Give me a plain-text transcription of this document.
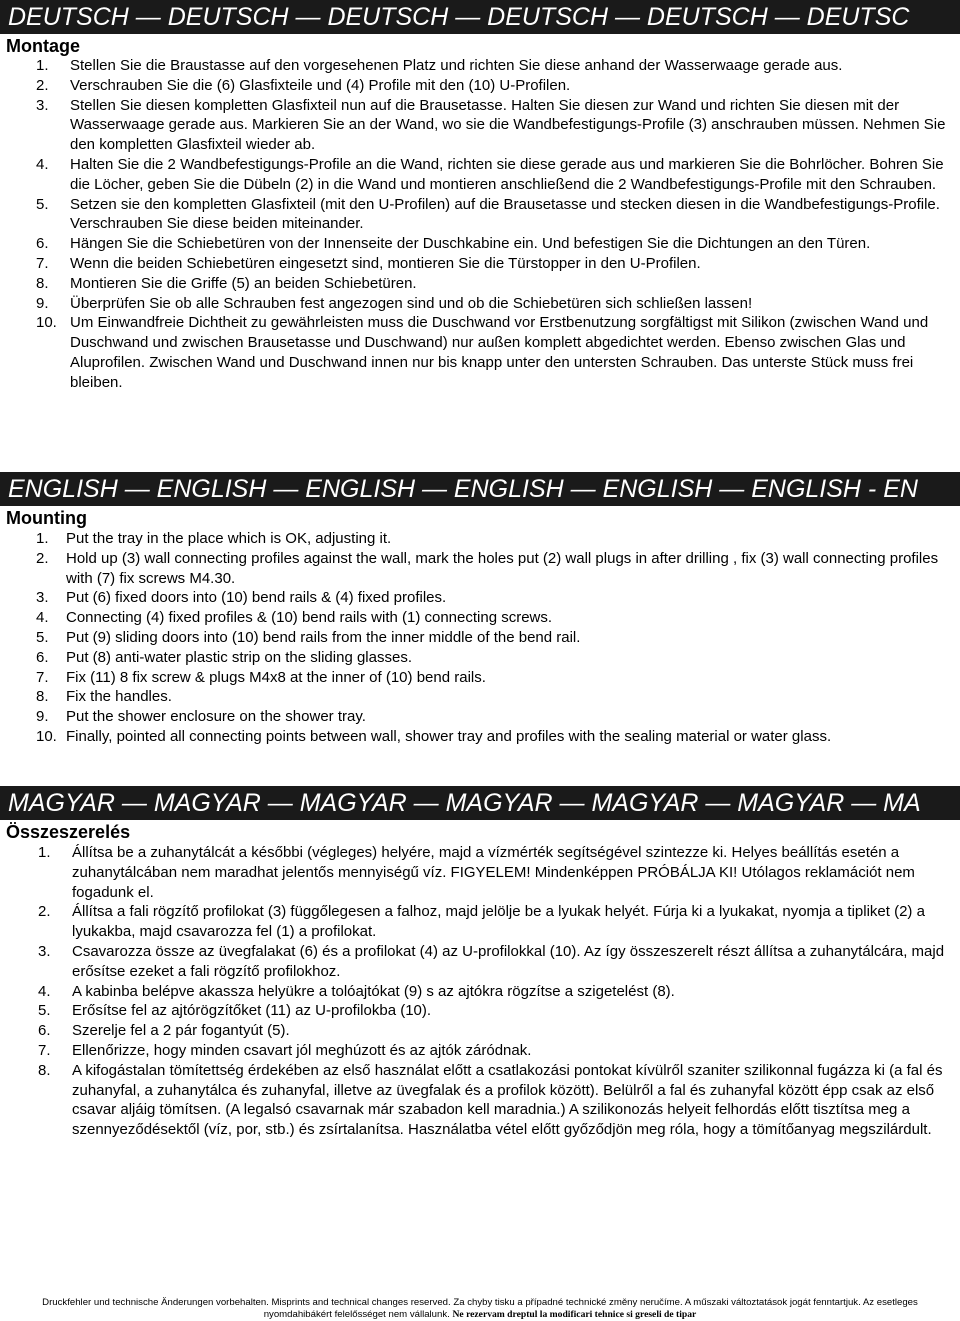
DEUTSCH — DEUTSCH — DEUTSCH — DEUTSCH — DEUTSCH — DEUTSC
Montage
1. Stellen Sie die Braustasse auf den vorgesehenen Platz und richten Sie diese anhand der Wasserwaage gerade aus.
2. Verschrauben Sie die (6) Glasfixteile und (4) Profile mit den (10) U-Profilen.
3. Stellen Sie diesen kompletten Glasfixteil nun auf die Brausetasse. Halten Sie diesen zur Wand und richten Sie diesen mit der Wasserwaage gerade aus. Markieren Sie an der Wand, wo sie die Wandbefestigungs-Profile (3) anschrauben müssen. Nehmen Sie den kompletten Glasfixteil wieder ab.
4. Halten Sie die 2 Wandbefestigungs-Profile an die Wand, richten sie diese gerade aus und markieren Sie die Bohrlöcher. Bohren Sie die Löcher, geben Sie die Dübeln (2) in die Wand und montieren anschließend die 2 Wandbefestigungs-Profile mit den Schrauben.
5. Setzen sie den kompletten Glasfixteil (mit den U-Profilen) auf die Brausetasse und stecken diesen in die Wandbefestigungs-Profile. Verschrauben Sie diese beiden miteinander.
6. Hängen Sie die Schiebetüren von der Innenseite der Duschkabine ein. Und befestigen Sie die Dichtungen an den Türen.
7. Wenn die beiden Schiebetüren eingesetzt sind, montieren Sie die Türstopper in den U-Profilen.
8. Montieren Sie die Griffe (5) an beiden Schiebetüren.
9. Überprüfen Sie ob alle Schrauben fest angezogen sind und ob die Schiebetüren sich schließen lassen!
10. Um Einwandfreie Dichtheit zu gewährleisten muss die Duschwand vor Erstbenutzung sorgfältigst mit Silikon (zwischen Wand und Duschwand und zwischen Brausetasse und Duschwand) nur außen komplett abgedichtet werden. Ebenso zwischen Glas und Aluprofilen. Zwischen Wand und Duschwand innen nur bis knapp unter den untersten Schrauben. Das unterste Stück muss frei bleiben.
ENGLISH — ENGLISH — ENGLISH — ENGLISH — ENGLISH — ENGLISH - EN
Mounting
1. Put the tray in the place which is OK, adjusting it.
2. Hold up (3) wall connecting profiles against the wall, mark the holes put (2) wall plugs in after drilling , fix (3) wall connecting profiles with (7) fix screws M4.30.
3. Put (6) fixed doors into (10) bend rails & (4) fixed profiles.
4. Connecting (4) fixed profiles & (10) bend rails with (1) connecting screws.
5. Put (9) sliding doors into (10) bend rails from the inner middle of the bend rail.
6. Put (8) anti-water plastic strip on the sliding glasses.
7. Fix (11) 8 fix screw & plugs M4x8 at the inner of (10) bend rails.
8. Fix the handles.
9. Put the shower enclosure on the shower tray.
10. Finally, pointed all connecting points between wall, shower tray and profiles with the sealing material or water glass.
MAGYAR — MAGYAR — MAGYAR — MAGYAR — MAGYAR — MAGYAR — MA
Összeszerelés
1. Állítsa be a zuhanytálcát a későbbi (végleges) helyére, majd a vízmérték segítségével szintezze ki. Helyes beállítás esetén a zuhanytálcában nem maradhat jelentős mennyiségű víz. FIGYELEM! Mindenképpen PRÓBÁLJA KI! Utólagos reklamációt nem fogadunk el.
2. Állítsa a fali rögzítő profilokat (3) függőlegesen a falhoz, majd jelölje be a lyukak helyét. Fúrja ki a lyukakat, nyomja a tipliket (2) a lyukakba, majd csavarozza fel (1) a profilokat.
3. Csavarozza össze az üvegfalakat (6) és a profilokat (4) az U-profilokkal (10). Az így összeszerelt részt állítsa a zuhanytálcára, majd erősítse ezeket a fali rögzítő profilokhoz.
4. A kabinba belépve akassza helyükre a tolóajtókat (9) s az ajtókra rögzítse a szigetelést (8).
5. Erősítse fel az ajtórögzítőket (11) az U-profilokba (10).
6. Szerelje fel a 2 pár fogantyút (5).
7. Ellenőrizze, hogy minden csavart jól meghúzott és az ajtók záródnak.
8. A kifogástalan tömítettség érdekében az első használat előtt a csatlakozási pontokat kívülről szaniter szilikonnal fugázza ki (a fal és zuhanyfal, a zuhanytálca és zuhanyfal, illetve az üvegfalak és a profilok között). Belülről a fal és zuhanyfal között épp csak az első csavar aljáig tömítsen. (A legalsó csavarnak már szabadon kell maradnia.) A szilikonozás helyeit felhordás előtt tisztítsa meg a szennyeződésektől (víz, por, stb.) és zsírtalanítsa. Használatba vétel előtt győződjön meg róla, hogy a tömítőanyag megszilárdult.
Druckfehler und technische Änderungen vorbehalten. Misprints and technical changes reserved. Za chyby tisku a případné technické změny neručíme. A műszaki változtatások jogát fenntartjuk. Az esetleges
nyomdahibákért felelősséget nem vállalunk. Ne rezervam dreptul la modificari tehnice si greseli de tipar
